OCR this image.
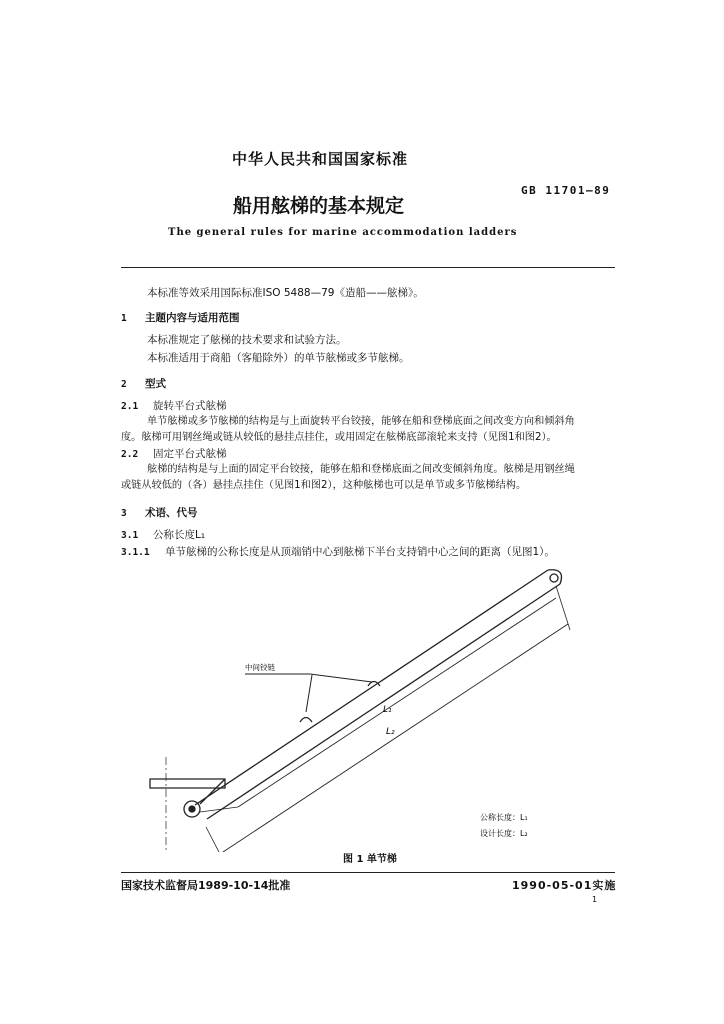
中华人民共和国国家标准
GB 11701—89
船用舷梯的基本规定
The general rules for marine accommodation ladders
本标准等效采用国际标准ISO 5488—79《造船——舷梯》。
1 主题内容与适用范围
本标准规定了舷梯的技术要求和试验方法。
本标准适用于商船（客船除外）的单节舷梯或多节舷梯。
2 型式
2.1 旋转平台式舷梯
单节舷梯或多节舷梯的结构是与上面旋转平台铰接，能够在船和登梯底面之间改变方向和倾斜角
度。舷梯可用钢丝绳或链从较低的悬挂点挂住，或用固定在舷梯底部滚轮来支持（见图1和图2）。
2.2 固定平台式舷梯
舷梯的结构是与上面的固定平台铰接，能够在船和登梯底面之间改变倾斜角度。舷梯是用钢丝绳
或链从较低的（各）悬挂点挂住（见图1和图2），这种舷梯也可以是单节或多节舷梯结构。
3 术语、代号
3.1 公称长度L₁
3.1.1 单节舷梯的公称长度是从顶端销中心到舷梯下半台支持销中心之间的距离（见图1）。
中间铰链
L₁
L₂
公称长度：L₁
设计长度：L₂
图 1 单节梯
国家技术监督局1989-10-14批准	1990-05-01实施
1
